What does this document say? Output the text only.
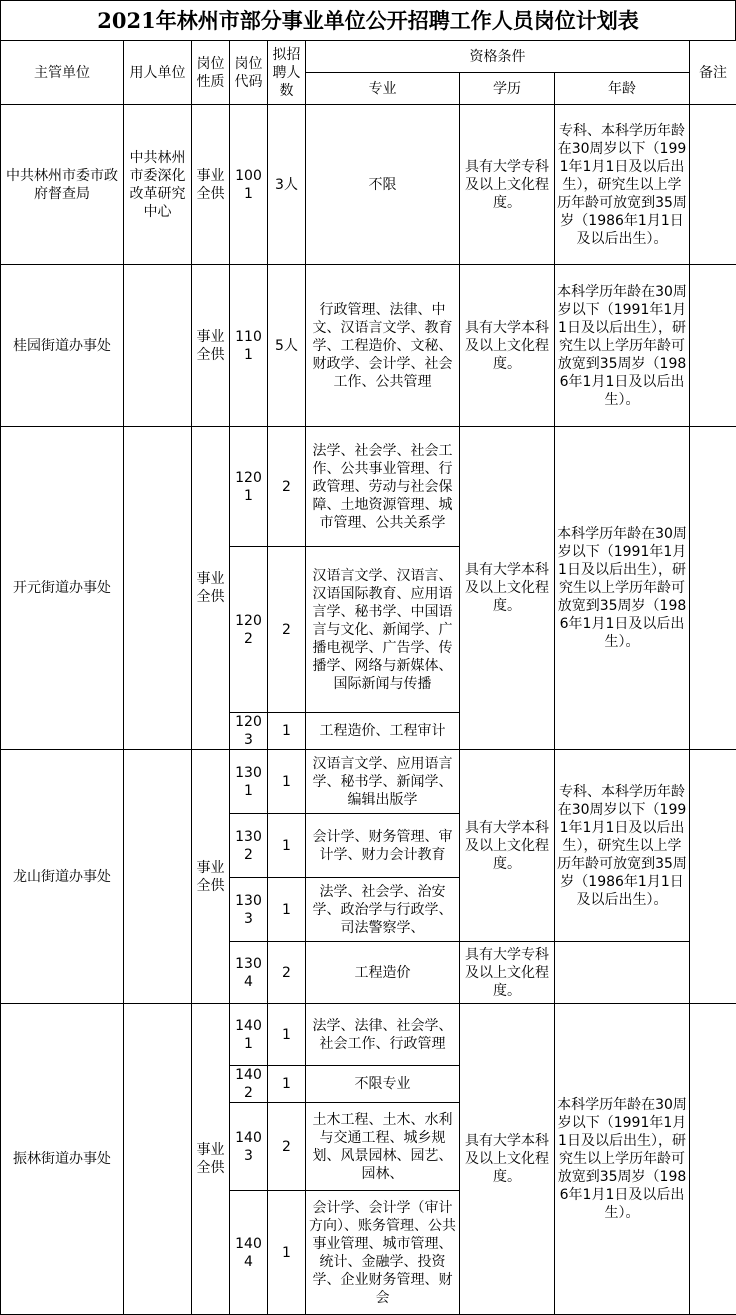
2021年林州市部分事业单位公开招聘工作人员岗位计划表
主管单位	用人单位	岗位性质	岗位代码	拟招聘人数	资格条件			备注
					专业	学历	年龄	
中共林州市委市政府督查局	中共林州市委深化改革研究中心	事业全供	1001	3人	不限	具有大学专科及以上文化程度。	专科、本科学历年龄在30周岁以下（1991年1月1日及以后出生），研究生以上学历年龄可放宽到35周岁（1986年1月1日及以后出生）。	
桂园街道办事处		事业全供	1101	5人	行政管理、法律、中文、汉语言文学、教育学、工程造价、文秘、财政学、会计学、社会工作、公共管理	具有大学本科及以上文化程度。	本科学历年龄在30周岁以下（1991年1月1日及以后出生），研究生以上学历年龄可放宽到35周岁（1986年1月1日及以后出生）。	
开元街道办事处		事业全供	1201	2	法学、社会学、社会工作、公共事业管理、行政管理、劳动与社会保障、土地资源管理、城市管理、公共关系学	具有大学本科及以上文化程度。	本科学历年龄在30周岁以下（1991年1月1日及以后出生），研究生以上学历年龄可放宽到35周岁（1986年1月1日及以后出生）。	
			1202	2	汉语言文学、汉语言、汉语国际教育、应用语言学、秘书学、中国语言与文化、新闻学、广播电视学、广告学、传播学、网络与新媒体、国际新闻与传播			
			1203	1	工程造价、工程审计			
龙山街道办事处		事业全供	1301	1	汉语言文学、应用语言学、秘书学、新闻学、编辑出版学	具有大学本科及以上文化程度。	专科、本科学历年龄在30周岁以下（1991年1月1日及以后出生），研究生以上学历年龄可放宽到35周岁（1986年1月1日及以后出生）。	
			1302	1	会计学、财务管理、审计学、财力会计教育			
			1303	1	法学、社会学、治安学、政治学与行政学、司法警察学、			
			1304	2	工程造价	具有大学专科及以上文化程度。		
振林街道办事处		事业全供	1401	1	法学、法律、社会学、社会工作、行政管理	具有大学本科及以上文化程度。	本科学历年龄在30周岁以下（1991年1月1日及以后出生），研究生以上学历年龄可放宽到35周岁（1986年1月1日及以后出生）。	
			1402	1	不限专业			
			1403	2	土木工程、土木、水利与交通工程、城乡规划、风景园林、园艺、园林、			
			1404	1	会计学、会计学（审计方向）、账务管理、公共事业管理、城市管理、统计、金融学、投资学、企业财务管理、财会			
